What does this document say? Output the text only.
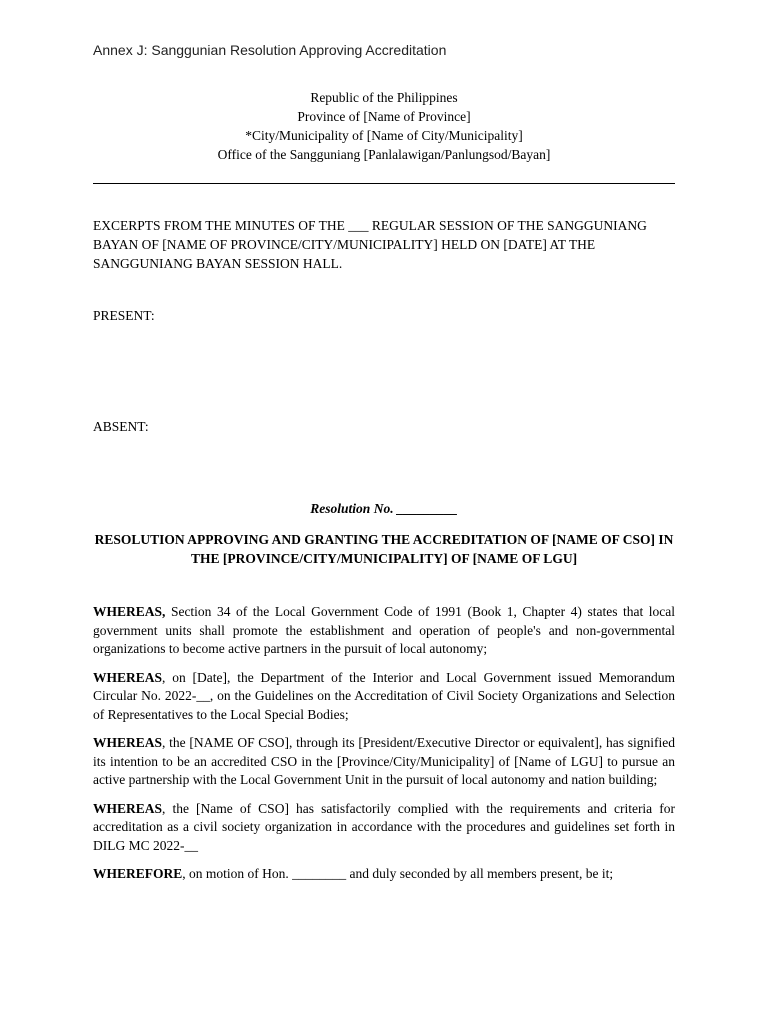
Annex J: Sanggunian Resolution Approving Accreditation

Republic of the Philippines
Province of [Name of Province]
*City/Municipality of [Name of City/Municipality]
Office of the Sangguniang [Panlalawigan/Panlungsod/Bayan]

EXCERPTS FROM THE MINUTES OF THE ___ REGULAR SESSION OF THE SANGGUNIANG BAYAN OF [NAME OF PROVINCE/CITY/MUNICIPALITY] HELD ON [DATE] AT THE SANGGUNIANG BAYAN SESSION HALL.

PRESENT:

ABSENT:

Resolution No. _________

RESOLUTION APPROVING AND GRANTING THE ACCREDITATION OF [NAME OF CSO] IN THE [PROVINCE/CITY/MUNICIPALITY] OF [NAME OF LGU]

WHEREAS, Section 34 of the Local Government Code of 1991 (Book 1, Chapter 4) states that local government units shall promote the establishment and operation of people's and non-governmental organizations to become active partners in the pursuit of local autonomy;

WHEREAS, on [Date], the Department of the Interior and Local Government issued Memorandum Circular No. 2022-__, on the Guidelines on the Accreditation of Civil Society Organizations and Selection of Representatives to the Local Special Bodies;

WHEREAS, the [NAME OF CSO], through its [President/Executive Director or equivalent], has signified its intention to be an accredited CSO in the [Province/City/Municipality] of [Name of LGU] to pursue an active partnership with the Local Government Unit in the pursuit of local autonomy and nation building;

WHEREAS, the [Name of CSO] has satisfactorily complied with the requirements and criteria for accreditation as a civil society organization in accordance with the procedures and guidelines set forth in DILG MC 2022-__

WHEREFORE, on motion of Hon. ________ and duly seconded by all members present, be it;
